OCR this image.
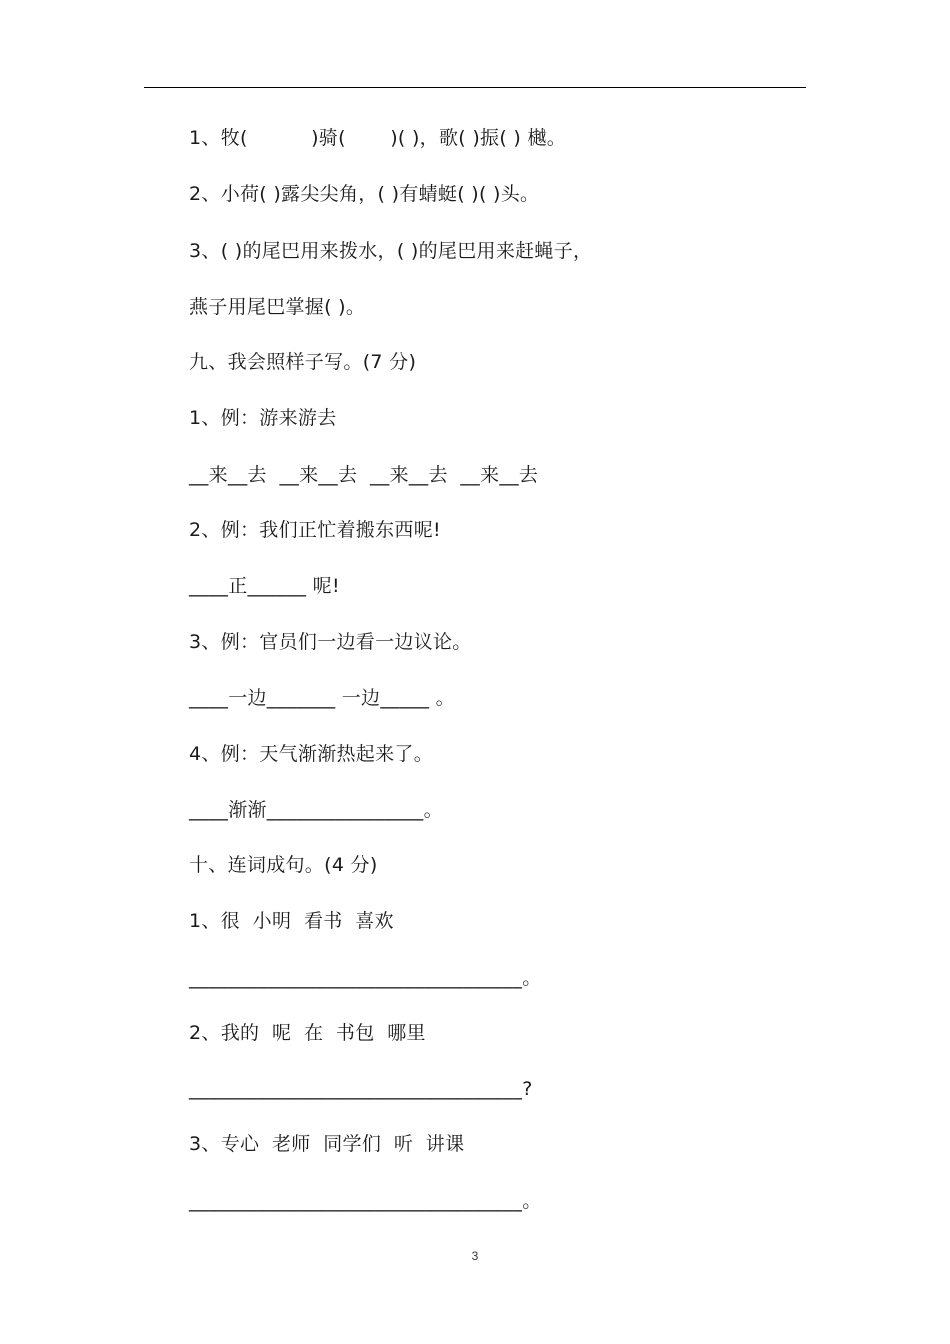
1、牧(          )骑(       )( )，歌( )振( ) 樾。
2、小荷( )露尖尖角，( )有蜻蜓( )( )头。
3、( )的尾巴用来拨水，( )的尾巴用来赶蝇子，
燕子用尾巴掌握( )。
九、我会照样子写。(7 分)
1、例：游来游去
__来__去  __来__去  __来__去  __来__去
2、例：我们正忙着搬东西呢!
____正______ 呢!
3、例：官员们一边看一边议论。
____一边_______ 一边_____ 。
4、例：天气渐渐热起来了。
____渐渐________________。
十、连词成句。(4 分)
1、很  小明  看书  喜欢
__________________________________。
2、我的  呢  在  书包  哪里
__________________________________?
3、专心  老师  同学们  听  讲课
__________________________________。
3
